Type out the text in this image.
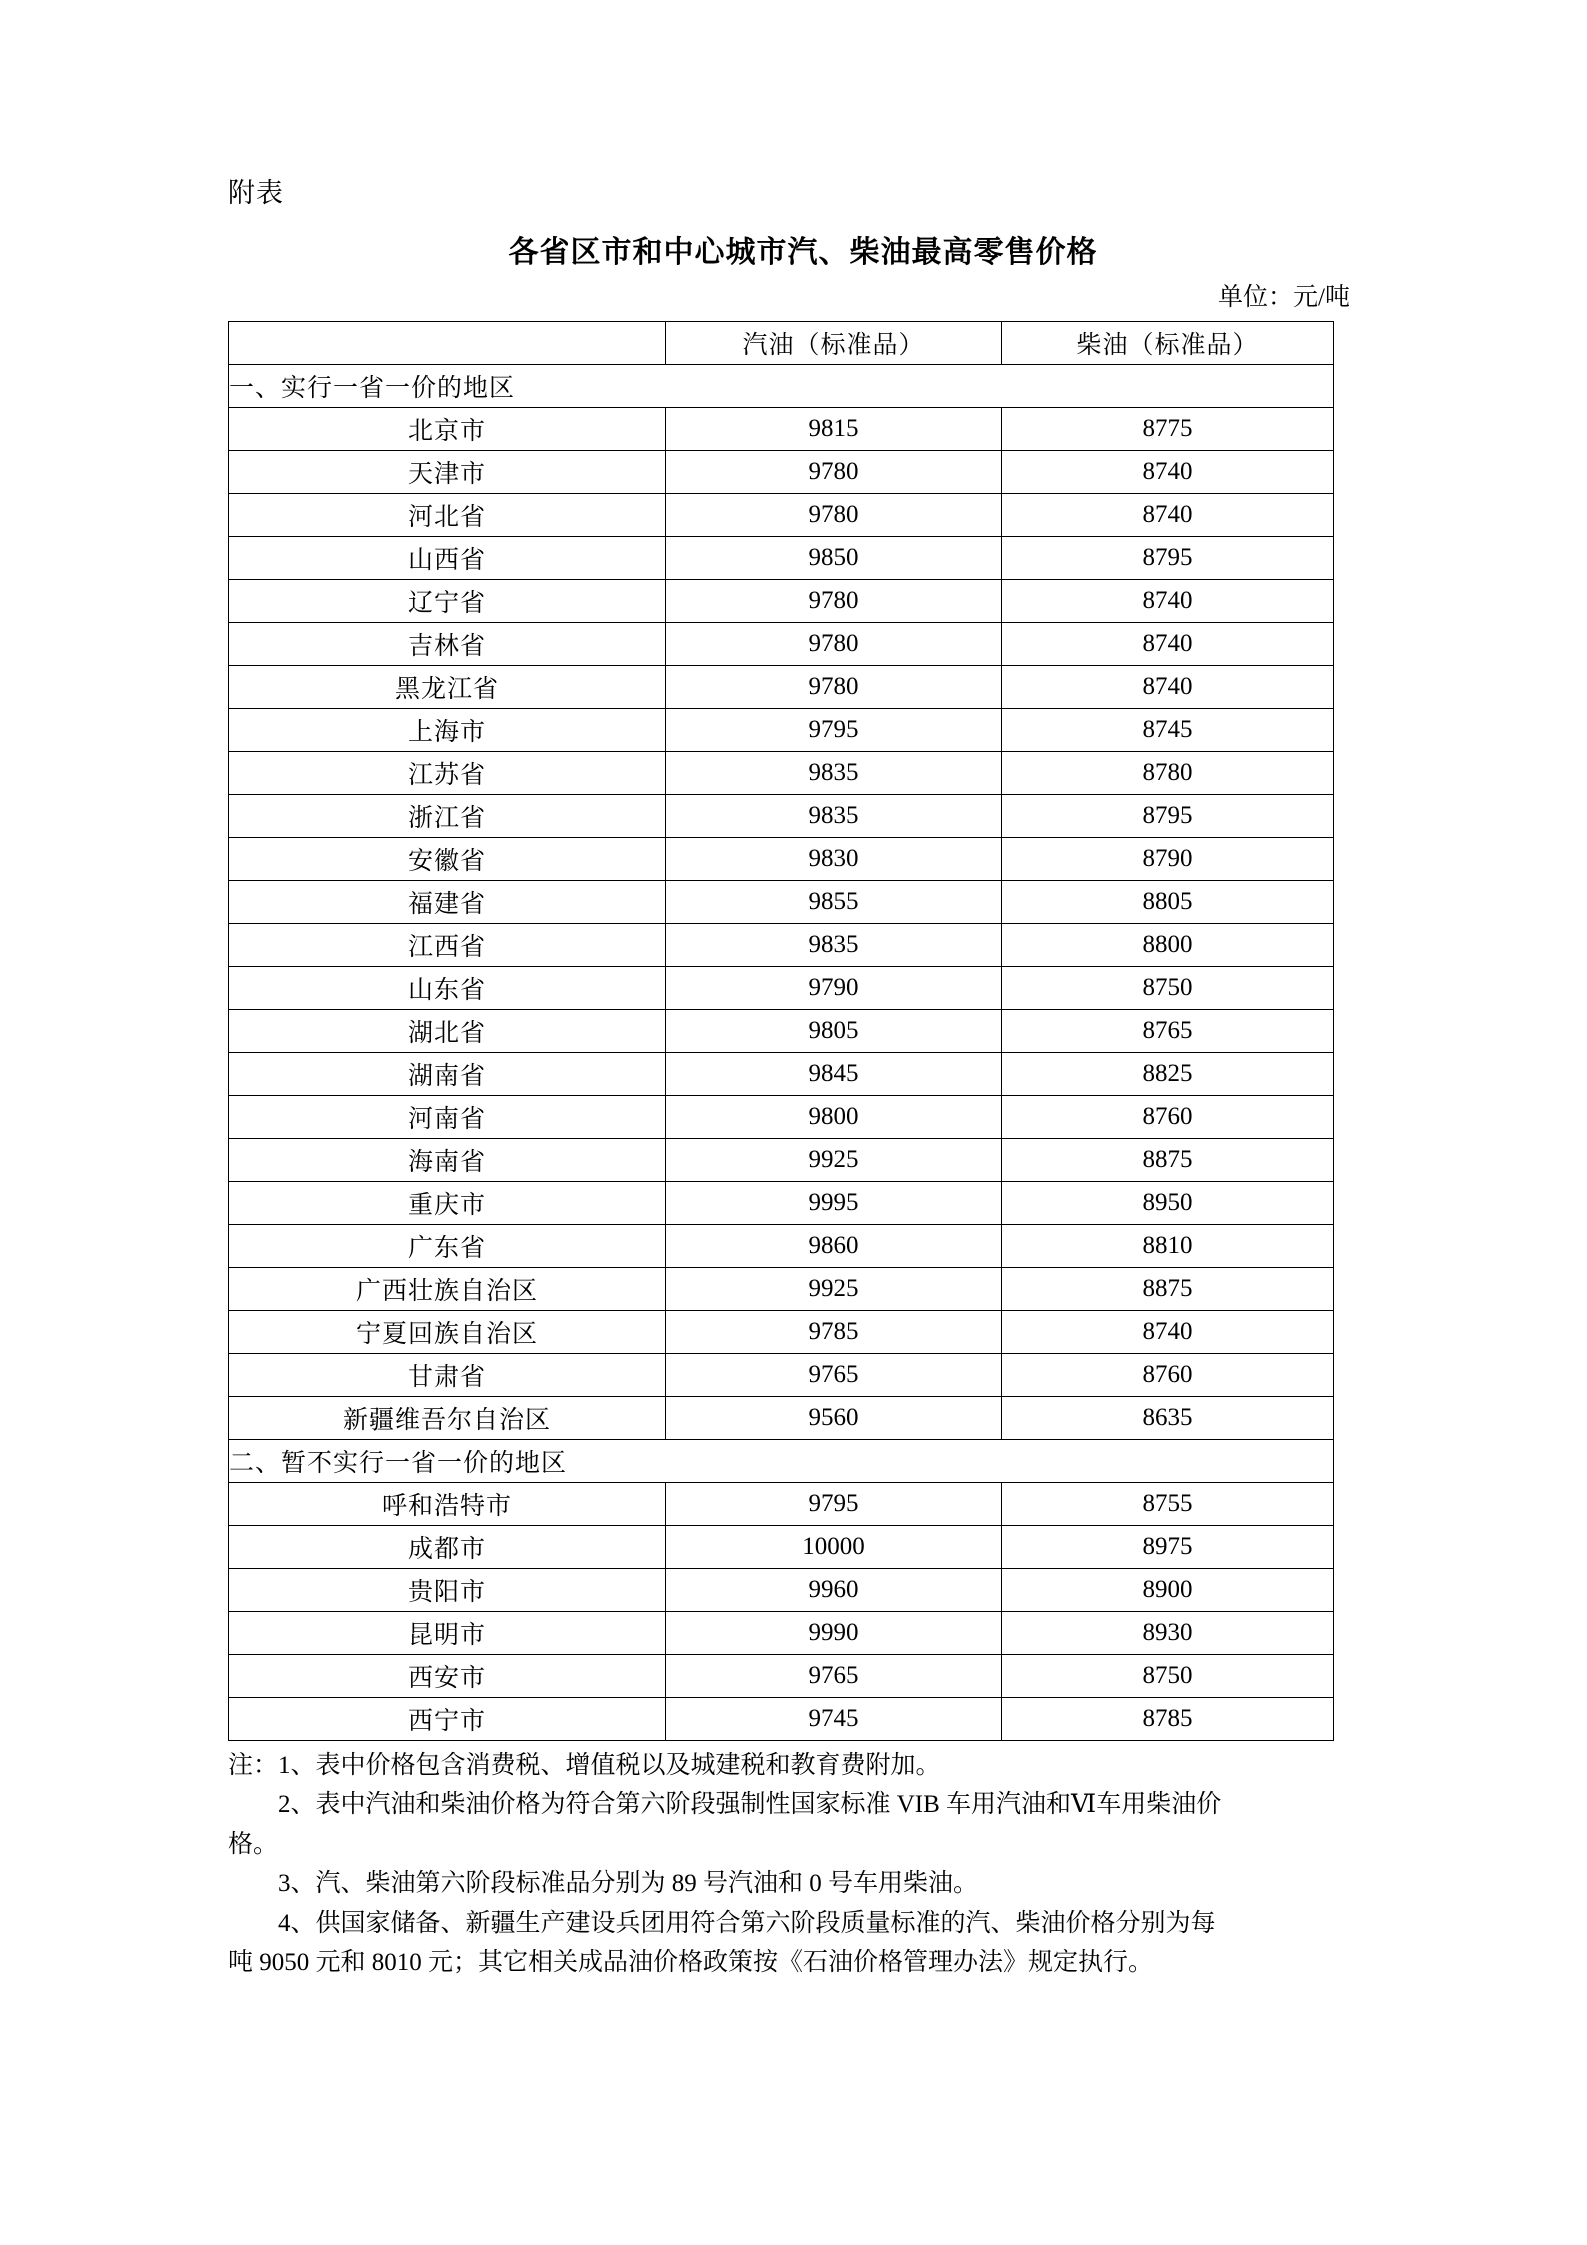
附表
各省区市和中心城市汽、柴油最高零售价格
单位：元/吨
	汽油（标准品）	柴油（标准品）
一、实行一省一价的地区		
北京市	9815	8775
天津市	9780	8740
河北省	9780	8740
山西省	9850	8795
辽宁省	9780	8740
吉林省	9780	8740
黑龙江省	9780	8740
上海市	9795	8745
江苏省	9835	8780
浙江省	9835	8795
安徽省	9830	8790
福建省	9855	8805
江西省	9835	8800
山东省	9790	8750
湖北省	9805	8765
湖南省	9845	8825
河南省	9800	8760
海南省	9925	8875
重庆市	9995	8950
广东省	9860	8810
广西壮族自治区	9925	8875
宁夏回族自治区	9785	8740
甘肃省	9765	8760
新疆维吾尔自治区	9560	8635
二、暂不实行一省一价的地区		
呼和浩特市	9795	8755
成都市	10000	8975
贵阳市	9960	8900
昆明市	9990	8930
西安市	9765	8750
西宁市	9745	8785

注：1、表中价格包含消费税、增值税以及城建税和教育费附加。

2、表中汽油和柴油价格为符合第六阶段强制性国家标准 VIB 车用汽油和Ⅵ车用柴油价

格。

3、汽、柴油第六阶段标准品分别为 89 号汽油和 0 号车用柴油。

4、供国家储备、新疆生产建设兵团用符合第六阶段质量标准的汽、柴油价格分别为每

吨 9050 元和 8010 元；其它相关成品油价格政策按《石油价格管理办法》规定执行。
